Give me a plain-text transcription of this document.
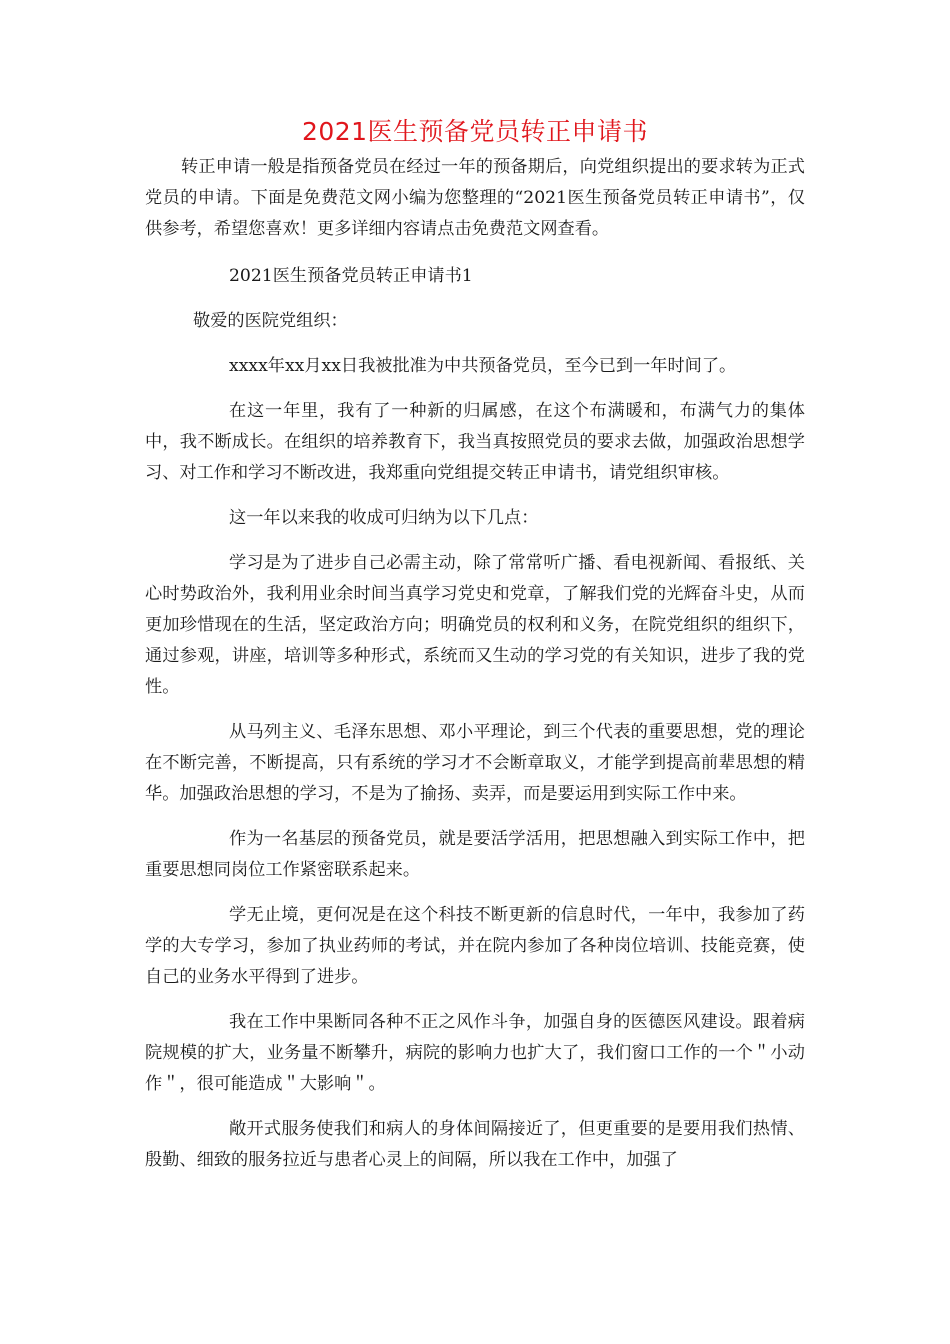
2021医生预备党员转正申请书

转正申请一般是指预备党员在经过一年的预备期后，向党组织提出的要求转为正式党员的申请。下面是免费范文网小编为您整理的“2021医生预备党员转正申请书”，仅供参考，希望您喜欢！更多详细内容请点击免费范文网查看。

2021医生预备党员转正申请书1

敬爱的医院党组织：

xxxx年xx月xx日我被批准为中共预备党员，至今已到一年时间了。

在这一年里，我有了一种新的归属感，在这个布满暖和，布满气力的集体中，我不断成长。在组织的培养教育下，我当真按照党员的要求去做，加强政治思想学习、对工作和学习不断改进，我郑重向党组提交转正申请书，请党组织审核。

这一年以来我的收成可归纳为以下几点：

学习是为了进步自己必需主动，除了常常听广播、看电视新闻、看报纸、关心时势政治外，我利用业余时间当真学习党史和党章，了解我们党的光辉奋斗史，从而更加珍惜现在的生活，坚定政治方向；明确党员的权利和义务，在院党组织的组织下，通过参观，讲座，培训等多种形式，系统而又生动的学习党的有关知识，进步了我的党性。

从马列主义、毛泽东思想、邓小平理论，到三个代表的重要思想，党的理论在不断完善，不断提高，只有系统的学习才不会断章取义，才能学到提高前辈思想的精华。加强政治思想的学习，不是为了揄扬、卖弄，而是要运用到实际工作中来。

作为一名基层的预备党员，就是要活学活用，把思想融入到实际工作中，把重要思想同岗位工作紧密联系起来。

学无止境，更何况是在这个科技不断更新的信息时代，一年中，我参加了药学的大专学习，参加了执业药师的考试，并在院内参加了各种岗位培训、技能竞赛，使自己的业务水平得到了进步。

我在工作中果断同各种不正之风作斗争，加强自身的医德医风建设。跟着病院规模的扩大，业务量不断攀升，病院的影响力也扩大了，我们窗口工作的一个＂小动作＂，很可能造成＂大影响＂。

敞开式服务使我们和病人的身体间隔接近了，但更重要的是要用我们热情、殷勤、细致的服务拉近与患者心灵上的间隔，所以我在工作中，加强了
